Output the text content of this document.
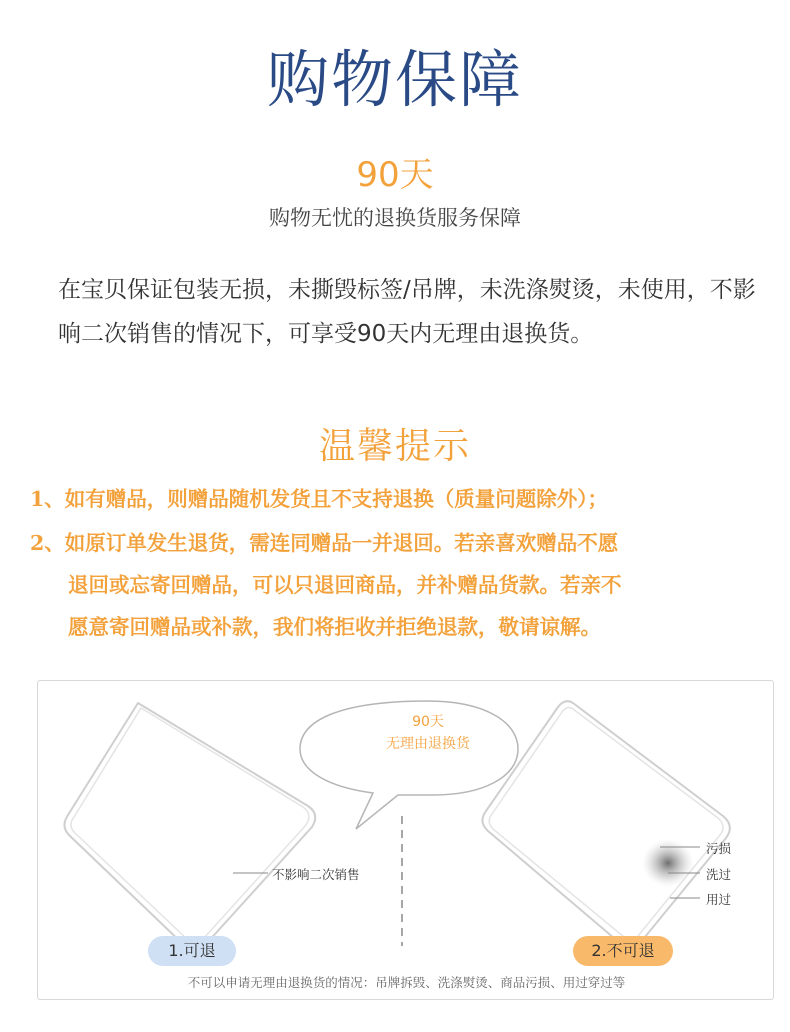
购物保障
90天
购物无忧的退换货服务保障
在宝贝保证包装无损，未撕毁标签/吊牌，未洗涤熨烫，未使用，不影响二次销售的情况下，可享受90天内无理由退换货。
温馨提示
1、如有赠品，则赠品随机发货且不支持退换（质量问题除外）；
2、如原订单发生退货，需连同赠品一并退回。若亲喜欢赠品不愿
退回或忘寄回赠品，可以只退回商品，并补赠品货款。若亲不
愿意寄回赠品或补款，我们将拒收并拒绝退款，敬请谅解。
90天
无理由退换货
不影响二次销售
污损
洗过
用过
1.可退	2.不可退
不可以申请无理由退换货的情况：吊牌拆毁、洗涤熨烫、商品污损、用过穿过等
